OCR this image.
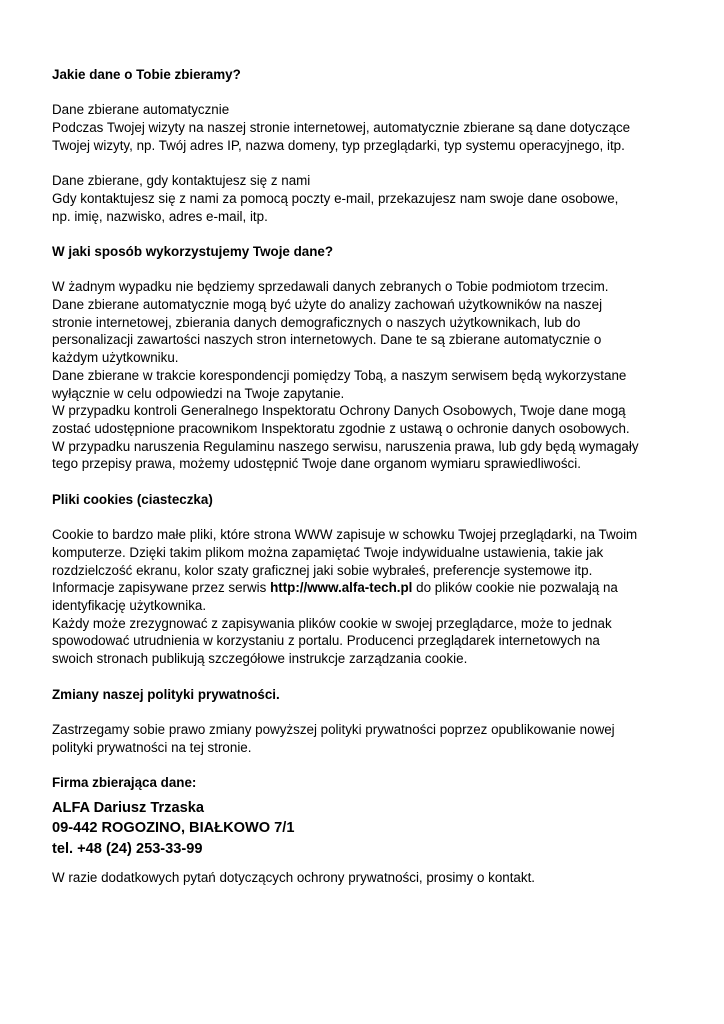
Jakie dane o Tobie zbieramy?
Dane zbierane automatycznie
Podczas Twojej wizyty na naszej stronie internetowej, automatycznie zbierane są dane dotyczące
Twojej wizyty, np. Twój adres IP, nazwa domeny, typ przeglądarki, typ systemu operacyjnego, itp.
Dane zbierane, gdy kontaktujesz się z nami
Gdy kontaktujesz się z nami za pomocą poczty e-mail, przekazujesz nam swoje dane osobowe,
np. imię, nazwisko, adres e-mail, itp.
W jaki sposób wykorzystujemy Twoje dane?
W żadnym wypadku nie będziemy sprzedawali danych zebranych o Tobie podmiotom trzecim.
Dane zbierane automatycznie mogą być użyte do analizy zachowań użytkowników na naszej
stronie internetowej, zbierania danych demograficznych o naszych użytkownikach, lub do
personalizacji zawartości naszych stron internetowych. Dane te są zbierane automatycznie o
każdym użytkowniku.
Dane zbierane w trakcie korespondencji pomiędzy Tobą, a naszym serwisem będą wykorzystane
wyłącznie w celu odpowiedzi na Twoje zapytanie.
W przypadku kontroli Generalnego Inspektoratu Ochrony Danych Osobowych, Twoje dane mogą
zostać udostępnione pracownikom Inspektoratu zgodnie z ustawą o ochronie danych osobowych.
W przypadku naruszenia Regulaminu naszego serwisu, naruszenia prawa, lub gdy będą wymagały
tego przepisy prawa, możemy udostępnić Twoje dane organom wymiaru sprawiedliwości.
Pliki cookies (ciasteczka)
Cookie to bardzo małe pliki, które strona WWW zapisuje w schowku Twojej przeglądarki, na Twoim
komputerze. Dzięki takim plikom można zapamiętać Twoje indywidualne ustawienia, takie jak
rozdzielczość ekranu, kolor szaty graficznej jaki sobie wybrałeś, preferencje systemowe itp.
Informacje zapisywane przez serwis http://www.alfa-tech.pl do plików cookie nie pozwalają na
identyfikację użytkownika.
Każdy może zrezygnować z zapisywania plików cookie w swojej przeglądarce, może to jednak
spowodować utrudnienia w korzystaniu z portalu. Producenci przeglądarek internetowych na
swoich stronach publikują szczegółowe instrukcje zarządzania cookie.
Zmiany naszej polityki prywatności.
Zastrzegamy sobie prawo zmiany powyższej polityki prywatności poprzez opublikowanie nowej
polityki prywatności na tej stronie.
Firma zbierająca dane:
ALFA Dariusz Trzaska
09-442 ROGOZINO, BIAŁKOWO 7/1
tel. +48 (24) 253-33-99
W razie dodatkowych pytań dotyczących ochrony prywatności, prosimy o kontakt.
